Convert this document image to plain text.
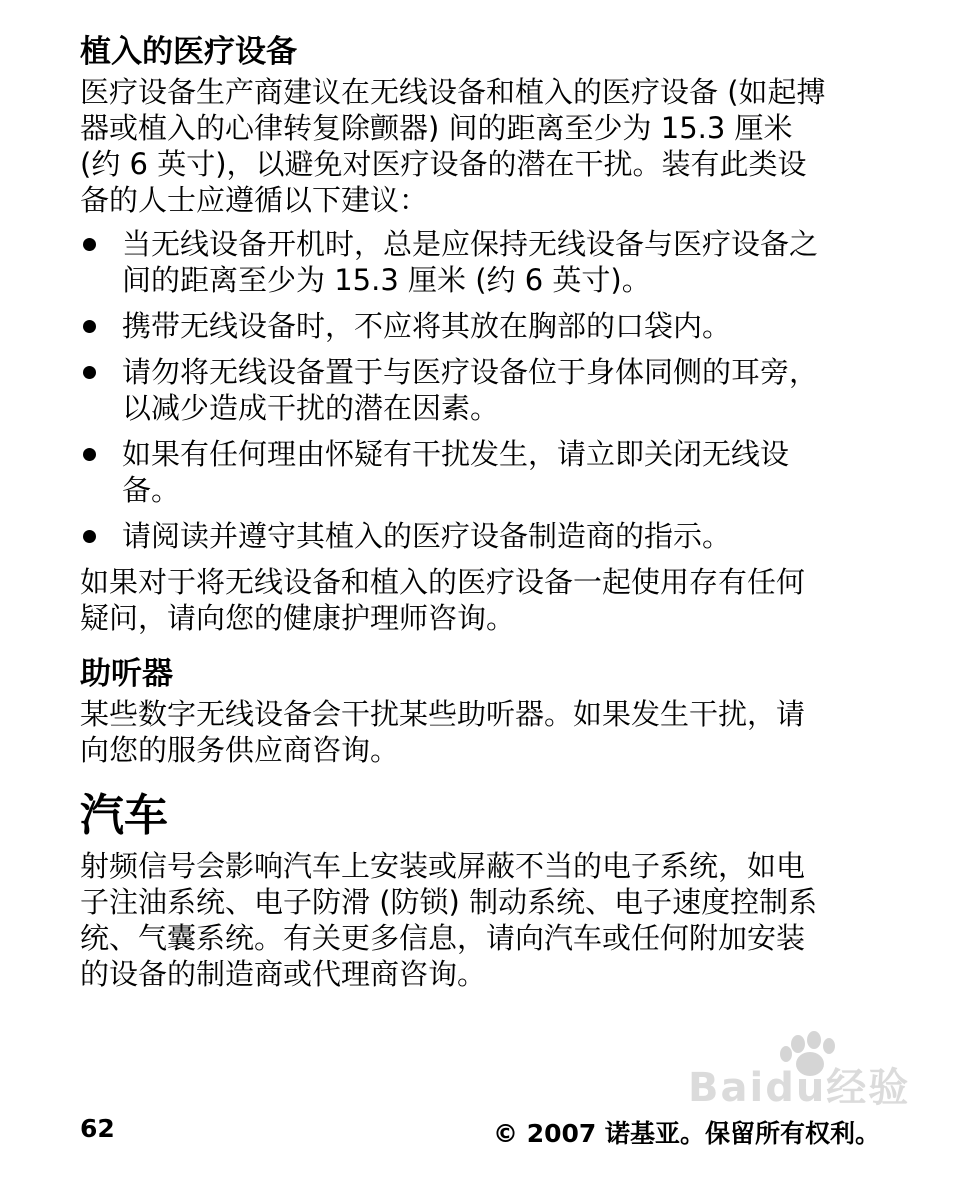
植入的医疗设备
医疗设备生产商建议在无线设备和植入的医疗设备 (如起搏
器或植入的心律转复除颤器) 间的距离至少为 15.3 厘米
(约 6 英寸)，以避免对医疗设备的潜在干扰。装有此类设
备的人士应遵循以下建议：
当无线设备开机时，总是应保持无线设备与医疗设备之
间的距离至少为 15.3 厘米 (约 6 英寸)。
携带无线设备时，不应将其放在胸部的口袋内。
请勿将无线设备置于与医疗设备位于身体同侧的耳旁，
以减少造成干扰的潜在因素。
如果有任何理由怀疑有干扰发生，请立即关闭无线设
备。
请阅读并遵守其植入的医疗设备制造商的指示。
如果对于将无线设备和植入的医疗设备一起使用存有任何
疑问，请向您的健康护理师咨询。
助听器
某些数字无线设备会干扰某些助听器。如果发生干扰，请
向您的服务供应商咨询。
汽车
射频信号会影响汽车上安装或屏蔽不当的电子系统，如电
子注油系统、电子防滑 (防锁) 制动系统、电子速度控制系
统、气囊系统。有关更多信息，请向汽车或任何附加安装
的设备的制造商或代理商咨询。
Baidu经验
62	© 2007 诺基亚。保留所有权利。
